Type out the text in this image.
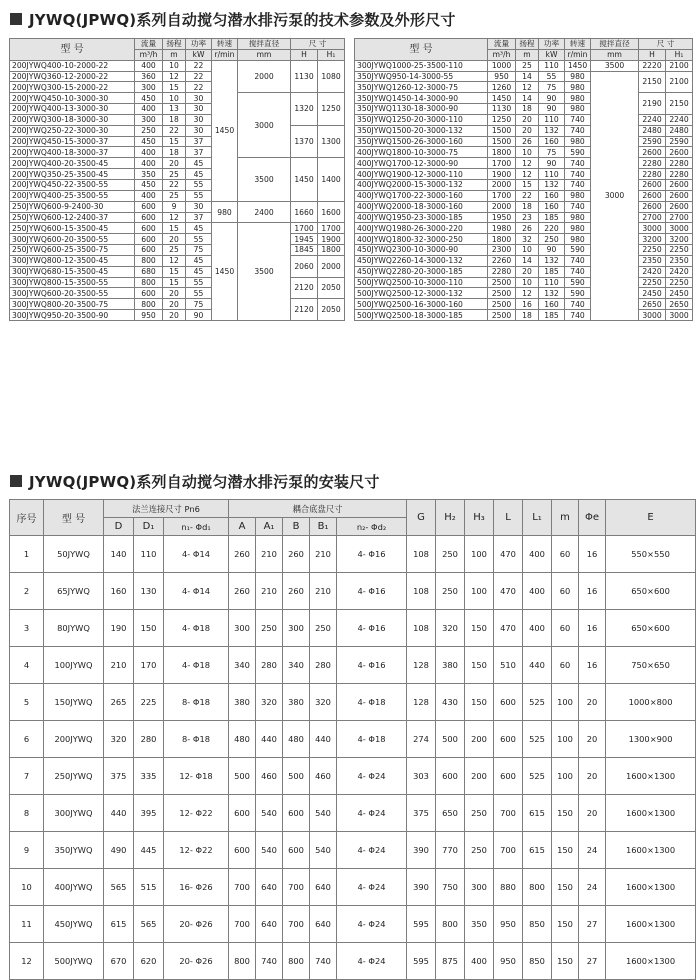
JYWQ(JPWQ)系列自动搅匀潜水排污泵的技术参数及外形尺寸
型 号	流量	扬程	功率	转速	搅拌直径	尺 寸	
	m³/h	m	kW	r/min	mm	H	H₁
200JYWQ400-10-2000-22	400	10	22	1450	2000	1130	1080
200JYWQ360-12-2000-22	360	12	22				
200JYWQ300-15-2000-22	300	15	22				
200JYWQ450-10-3000-30	450	10	30		3000	1320	1250
200JYWQ400-13-3000-30	400	13	30				
200JYWQ300-18-3000-30	300	18	30				
200JYWQ250-22-3000-30	250	22	30			1370	1300
200JYWQ450-15-3000-37	450	15	37				
200JYWQ400-18-3000-37	400	18	37				
200JYWQ400-20-3500-45	400	20	45		3500	1450	1400
200JYWQ350-25-3500-45	350	25	45				
200JYWQ450-22-3500-55	450	22	55				
200JYWQ400-25-3500-55	400	25	55				
250JYWQ600-9-2400-30	600	9	30	980	2400	1660	1600
250JYWQ600-12-2400-37	600	12	37				
250JYWQ600-15-3500-45	600	15	45	1450	3500	1700	1700
300JYWQ600-20-3500-55	600	20	55			1945	1900
250JYWQ600-25-3500-75	600	25	75			1845	1800
300JYWQ800-12-3500-45	800	12	45			2060	2000
300JYWQ680-15-3500-45	680	15	45				
300JYWQ800-15-3500-55	800	15	55			2120	2050
300JYWQ600-20-3500-55	600	20	55				
300JYWQ800-20-3500-75	800	20	75			2120	2050
300JYWQ950-20-3500-90	950	20	90				
型 号	流量	扬程	功率	转速	搅拌直径	尺 寸	
	m³/h	m	kW	r/min	mm	H	H₁
300JYWQ1000-25-3500-110	1000	25	110	1450	3500	2220	2100
350JYWQ950-14-3000-55	950	14	55	980	3000	2150	2100
350JYWQ1260-12-3000-75	1260	12	75	980			
350JYWQ1450-14-3000-90	1450	14	90	980		2190	2150
350JYWQ1130-18-3000-90	1130	18	90	980			
350JYWQ1250-20-3000-110	1250	20	110	740		2240	2240
350JYWQ1500-20-3000-132	1500	20	132	740		2480	2480
350JYWQ1500-26-3000-160	1500	26	160	980		2590	2590
400JYWQ1800-10-3000-75	1800	10	75	590		2600	2600
400JYWQ1700-12-3000-90	1700	12	90	740		2280	2280
400JYWQ1900-12-3000-110	1900	12	110	740		2280	2280
400JYWQ2000-15-3000-132	2000	15	132	740		2600	2600
400JYWQ1700-22-3000-160	1700	22	160	980		2600	2600
400JYWQ2000-18-3000-160	2000	18	160	740		2600	2600
400JYWQ1950-23-3000-185	1950	23	185	980		2700	2700
400JYWQ1980-26-3000-220	1980	26	220	980		3000	3000
400JYWQ1800-32-3000-250	1800	32	250	980		3200	3200
450JYWQ2300-10-3000-90	2300	10	90	590		2250	2250
450JYWQ2260-14-3000-132	2260	14	132	740		2350	2350
450JYWQ2280-20-3000-185	2280	20	185	740		2420	2420
500JYWQ2500-10-3000-110	2500	10	110	590		2250	2250
500JYWQ2500-12-3000-132	2500	12	132	590		2450	2450
500JYWQ2500-16-3000-160	2500	16	160	740		2650	2650
500JYWQ2500-18-3000-185	2500	18	185	740		3000	3000
JYWQ(JPWQ)系列自动搅匀潜水排污泵的安装尺寸
序号	型 号	法兰连接尺寸 Pn6			耦合底盘尺寸					G	H₂	H₃	L	L₁	m	Φe	E
		D	D₁	n₁- Φd₁	A	A₁	B	B₁	n₂- Φd₂								
1	50JYWQ	140	110	4- Φ14	260	210	260	210	4- Φ16	108	250	100	470	400	60	16	550×550
2	65JYWQ	160	130	4- Φ14	260	210	260	210	4- Φ16	108	250	100	470	400	60	16	650×600
3	80JYWQ	190	150	4- Φ18	300	250	300	250	4- Φ16	108	320	150	470	400	60	16	650×600
4	100JYWQ	210	170	4- Φ18	340	280	340	280	4- Φ16	128	380	150	510	440	60	16	750×650
5	150JYWQ	265	225	8- Φ18	380	320	380	320	4- Φ18	128	430	150	600	525	100	20	1000×800
6	200JYWQ	320	280	8- Φ18	480	440	480	440	4- Φ18	274	500	200	600	525	100	20	1300×900
7	250JYWQ	375	335	12- Φ18	500	460	500	460	4- Φ24	303	600	200	600	525	100	20	1600×1300
8	300JYWQ	440	395	12- Φ22	600	540	600	540	4- Φ24	375	650	250	700	615	150	20	1600×1300
9	350JYWQ	490	445	12- Φ22	600	540	600	540	4- Φ24	390	770	250	700	615	150	24	1600×1300
10	400JYWQ	565	515	16- Φ26	700	640	700	640	4- Φ24	390	750	300	880	800	150	24	1600×1300
11	450JYWQ	615	565	20- Φ26	700	640	700	640	4- Φ24	595	800	350	950	850	150	27	1600×1300
12	500JYWQ	670	620	20- Φ26	800	740	800	740	4- Φ24	595	875	400	950	850	150	27	1600×1300
